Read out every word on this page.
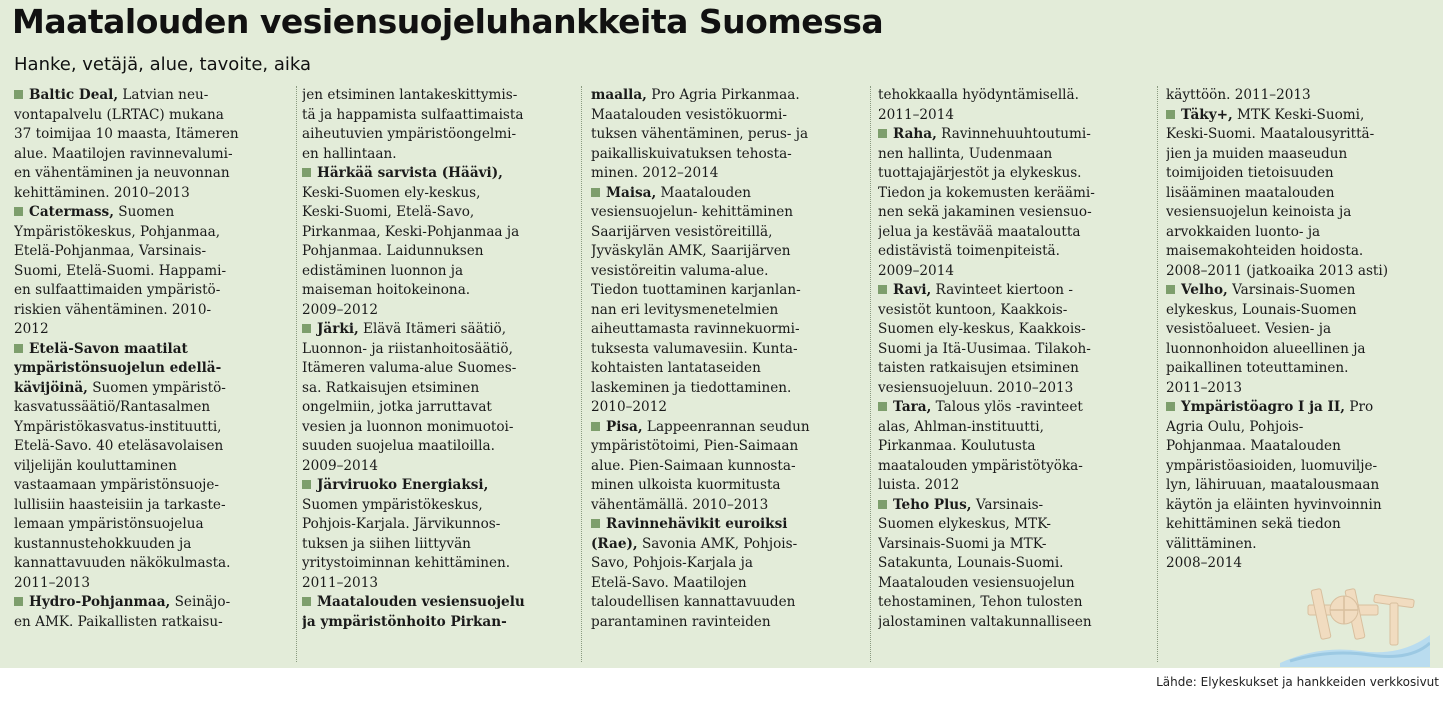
Maatalouden vesiensuojeluhankkeita Suomessa
Hanke, vetäjä, alue, tavoite, aika
Baltic Deal, Latvian neu-
vontapalvelu (LRTAC) mukana
37 toimijaa 10 maasta, Itämeren
alue. Maatilojen ravinnevalumi-
en vähentäminen ja neuvonnan
kehittäminen. 2010–2013
Catermass, Suomen
Ympäristökeskus, Pohjanmaa,
Etelä-Pohjanmaa, Varsinais-
Suomi, Etelä-Suomi. Happami-
en sulfaattimaiden ympäristö-
riskien vähentäminen. 2010-
2012
Etelä-Savon maatilat
ympäristönsuojelun edellä-
kävijöinä, Suomen ympäristö-
kasvatussäätiö/Rantasalmen
Ympäristökasvatus-instituutti,
Etelä-Savo. 40 eteläsavolaisen
viljelijän kouluttaminen
vastaamaan ympäristönsuoje-
lullisiin haasteisiin ja tarkaste-
lemaan ympäristönsuojelua
kustannustehokkuuden ja
kannattavuuden näkökulmasta.
2011–2013
Hydro-Pohjanmaa, Seinäjo-
en AMK. Paikallisten ratkaisu-
jen etsiminen lantakeskittymis-
tä ja happamista sulfaattimaista
aiheutuvien ympäristöongelmi-
en hallintaan.
Härkää sarvista (Häävi),
Keski-Suomen ely-keskus,
Keski-Suomi, Etelä-Savo,
Pirkanmaa, Keski-Pohjanmaa ja
Pohjanmaa. Laidunnuksen
edistäminen luonnon ja
maiseman hoitokeinona.
2009–2012
Järki, Elävä Itämeri säätiö,
Luonnon- ja riistanhoitosäätiö,
Itämeren valuma-alue Suomes-
sa. Ratkaisujen etsiminen
ongelmiin, jotka jarruttavat
vesien ja luonnon monimuotoi-
suuden suojelua maatiloilla.
2009–2014
Järviruoko Energiaksi,
Suomen ympäristökeskus,
Pohjois-Karjala. Järvikunnos-
tuksen ja siihen liittyvän
yritystoiminnan kehittäminen.
2011–2013
Maatalouden vesiensuojelu
ja ympäristönhoito Pirkan-
maalla, Pro Agria Pirkanmaa.
Maatalouden vesistökuormi-
tuksen vähentäminen, perus- ja
paikalliskuivatuksen tehosta-
minen. 2012–2014
Maisa, Maatalouden
vesiensuojelun- kehittäminen
Saarijärven vesistöreitillä,
Jyväskylän AMK, Saarijärven
vesistöreitin valuma-alue.
Tiedon tuottaminen karjanlan-
nan eri levitysmenetelmien
aiheuttamasta ravinnekuormi-
tuksesta valumavesiin. Kunta-
kohtaisten lantataseiden
laskeminen ja tiedottaminen.
2010–2012
Pisa, Lappeenrannan seudun
ympäristötoimi, Pien-Saimaan
alue. Pien-Saimaan kunnosta-
minen ulkoista kuormitusta
vähentämällä. 2010–2013
Ravinnehävikit euroiksi
(Rae), Savonia AMK, Pohjois-
Savo, Pohjois-Karjala ja
Etelä-Savo. Maatilojen
taloudellisen kannattavuuden
parantaminen ravinteiden
tehokkaalla hyödyntämisellä.
2011–2014
Raha, Ravinnehuuhtoutumi-
nen hallinta, Uudenmaan
tuottajajärjestöt ja elykeskus.
Tiedon ja kokemusten keräämi-
nen sekä jakaminen vesiensuo-
jelua ja kestävää maataloutta
edistävistä toimenpiteistä.
2009–2014
Ravi, Ravinteet kiertoon -
vesistöt kuntoon, Kaakkois-
Suomen ely-keskus, Kaakkois-
Suomi ja Itä-Uusimaa. Tilakoh-
taisten ratkaisujen etsiminen
vesiensuojeluun. 2010–2013
Tara, Talous ylös -ravinteet
alas, Ahlman-instituutti,
Pirkanmaa. Koulutusta
maatalouden ympäristötyöka-
luista. 2012
Teho Plus, Varsinais-
Suomen elykeskus, MTK-
Varsinais-Suomi ja MTK-
Satakunta, Lounais-Suomi.
Maatalouden vesiensuojelun
tehostaminen, Tehon tulosten
jalostaminen valtakunnalliseen
käyttöön. 2011–2013
Täky+, MTK Keski-Suomi,
Keski-Suomi. Maatalousyrittä-
jien ja muiden maaseudun
toimijoiden tietoisuuden
lisääminen maatalouden
vesiensuojelun keinoista ja
arvokkaiden luonto- ja
maisemakohteiden hoidosta.
2008–2011 (jatkoaika 2013 asti)
Velho, Varsinais-Suomen
elykeskus, Lounais-Suomen
vesistöalueet. Vesien- ja
luonnonhoidon alueellinen ja
paikallinen toteuttaminen.
2011–2013
Ympäristöagro I ja II, Pro
Agria Oulu, Pohjois-
Pohjanmaa. Maatalouden
ympäristöasioiden, luomuvilje-
lyn, lähiruuan, maatalousmaan
käytön ja eläinten hyvinvoinnin
kehittäminen sekä tiedon
välittäminen.
2008–2014
Lähde: Elykeskukset ja hankkeiden verkkosivut
